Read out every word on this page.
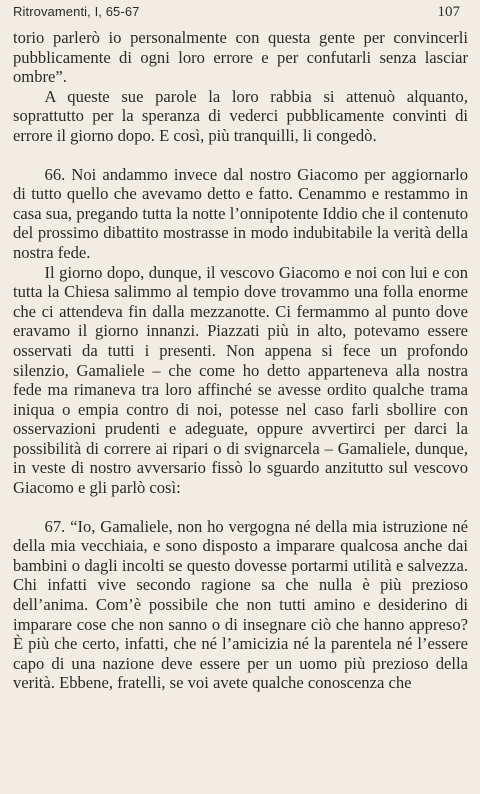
Ritrovamenti, I, 65-67	107

torio parlerò io personalmente con questa gente per convincerli pubblicamente di ogni loro errore e per confutarli senza lasciar ombre”.

A queste sue parole la loro rabbia si attenuò alquanto, soprattutto per la speranza di vederci pubblicamente convinti di errore il giorno dopo. E così, più tranquilli, li congedò.

66. Noi andammo invece dal nostro Giacomo per aggiornarlo di tutto quello che avevamo detto e fatto. Cenammo e restammo in casa sua, pregando tutta la notte l’onnipotente Iddio che il contenuto del prossimo dibattito mostrasse in modo indubitabile la verità della nostra fede.

Il giorno dopo, dunque, il vescovo Giacomo e noi con lui e con tutta la Chiesa salimmo al tempio dove trovammo una folla enorme che ci attendeva fin dalla mezzanotte. Ci fermammo al punto dove eravamo il giorno innanzi. Piazzati più in alto, potevamo essere osservati da tutti i presenti. Non appena si fece un profondo silenzio, Gamaliele – che come ho detto apparteneva alla nostra fede ma rimaneva tra loro affinché se avesse ordito qualche trama iniqua o empia contro di noi, potesse nel caso farli sbollire con osservazioni prudenti e adeguate, oppure avvertirci per darci la possibilità di correre ai ripari o di svignarcela – Gamaliele, dunque, in veste di nostro avversario fissò lo sguardo anzitutto sul vescovo Giacomo e gli parlò così:

67. “Io, Gamaliele, non ho vergogna né della mia istruzione né della mia vecchiaia, e sono disposto a imparare qualcosa anche dai bambini o dagli incolti se questo dovesse portarmi utilità e salvezza. Chi infatti vive secondo ragione sa che nulla è più prezioso dell’anima. Com’è possibile che non tutti amino e desiderino di imparare cose che non sanno o di insegnare ciò che hanno appreso? È più che certo, infatti, che né l’amicizia né la parentela né l’essere capo di una nazione deve essere per un uomo più prezioso della verità. Ebbene, fratelli, se voi avete qualche conoscenza che
